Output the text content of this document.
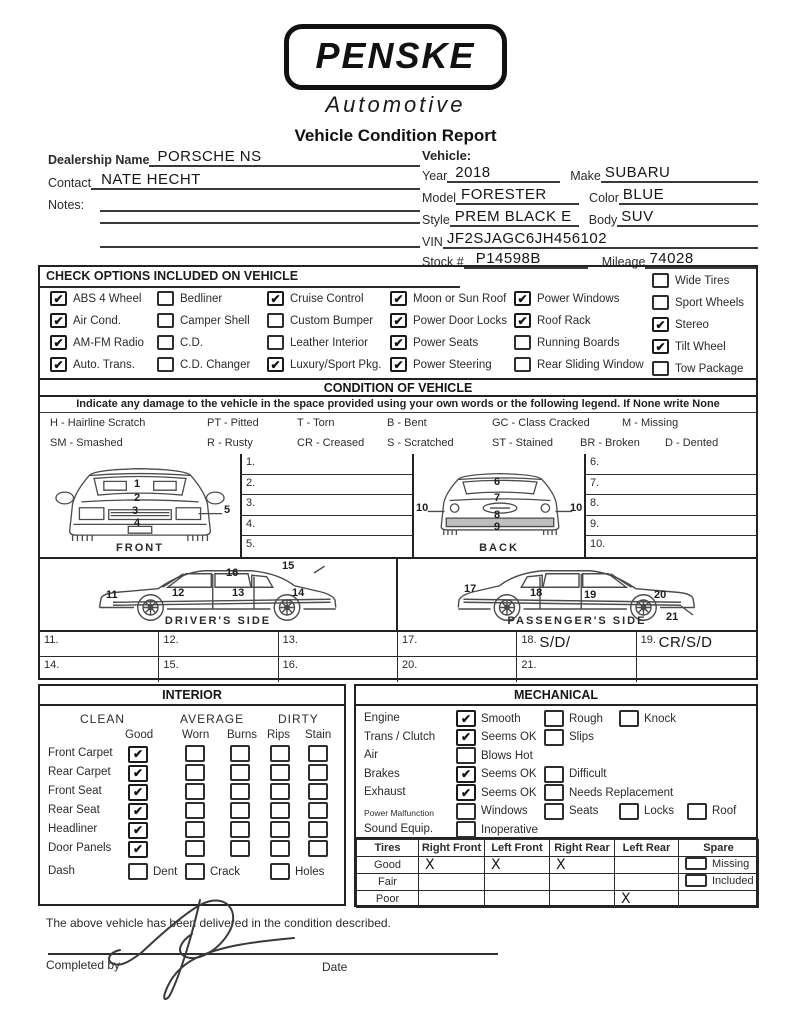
PENSKE
Automotive
Vehicle Condition Report
Dealership Name PORSCHE NS
Contact NATE HECHT
Notes:
Vehicle:
Year 2018	Make SUBARU
Model FORESTER	Color BLUE
Style PREM BLACK E	Body SUV
VIN JF2SJAGC6JH456102
Stock # P14598B	Mileage 74028
CHECK OPTIONS INCLUDED ON VEHICLE
✔ ABS 4 Wheel
✔ Air Cond.
✔ AM-FM Radio
✔ Auto. Trans.
Bedliner
Camper Shell
C.D.
C.D. Changer
✔ Cruise Control
Custom Bumper
Leather Interior
✔ Luxury/Sport Pkg.
✔ Moon or Sun Roof
✔ Power Door Locks
✔ Power Seats
✔ Power Steering
✔ Power Windows
✔ Roof Rack
Running Boards
Rear Sliding Window
Wide Tires
Sport Wheels
✔ Stereo
✔ Tilt Wheel
Tow Package
CONDITION OF VEHICLE
Indicate any damage to the vehicle in the space provided using your own words or the following legend. If None write None
H - Hairline Scratch	PT - Pitted	T - Torn	B - Bent	GC - Class Cracked	M - Missing
SM - Smashed	R - Rusty	CR - Creased S - Scratched	ST - Stained BR - Broken D - Dented
FRONT
1
2
3
4
5
1.
2.
3.
4.
5.	BACK
6
7
8
9
10	10
6.
7.
8.
9.
10.
DRIVER'S SIDE
11	12	13	14
15
16
PASSENGER'S SIDE
17	18	19	20
21
11.	12.	13.	17.	18. S/D/	19. CR/S/D
14.	15.	16.	20.	21.
INTERIOR
CLEAN	AVERAGE	DIRTY
Good	Worn Burns Rips Stain
Front Carpet	✔
Rear Carpet	✔
Front Seat	✔
Rear Seat	✔
Headliner	✔
Door Panels	✔
Dash	Dent	Crack	Holes
MECHANICAL
Engine	✔ Smooth	Rough	Knock
Trans / Clutch	✔ Seems OK	Slips
Air	Blows Hot
Brakes	✔ Seems OK	Difficult
Exhaust	✔ Seems OK	Needs Replacement
Power Malfunction	Windows	Seats	Locks	Roof
Sound Equip.	Inoperative
Tires	Right Front	Left Front	Right Rear	Left Rear	Spare
Good	X	X	X		Missing

Fair					Included

Poor				X	
The above vehicle has been delivered in the condition described.
Completed by	Date
